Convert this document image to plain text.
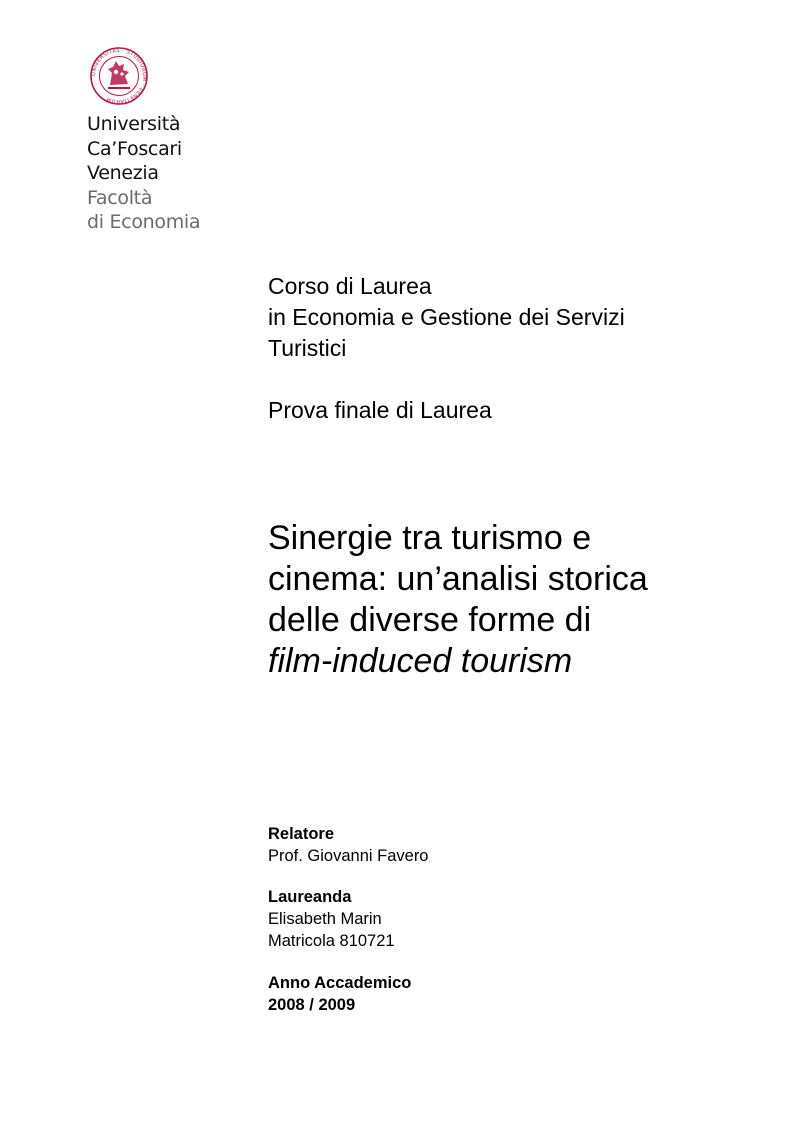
UNIVERSITAS · STUDIORUM · VENETIARUM
Università
Ca’Foscari
Venezia
Facoltà
di Economia
Corso di Laurea
in Economia e Gestione dei Servizi
Turistici
Prova finale di Laurea
Sinergie tra turismo e
cinema: un’analisi storica
delle diverse forme di
film-induced tourism
Relatore
Prof. Giovanni Favero
Laureanda
Elisabeth Marin
Matricola 810721
Anno Accademico
2008 / 2009
